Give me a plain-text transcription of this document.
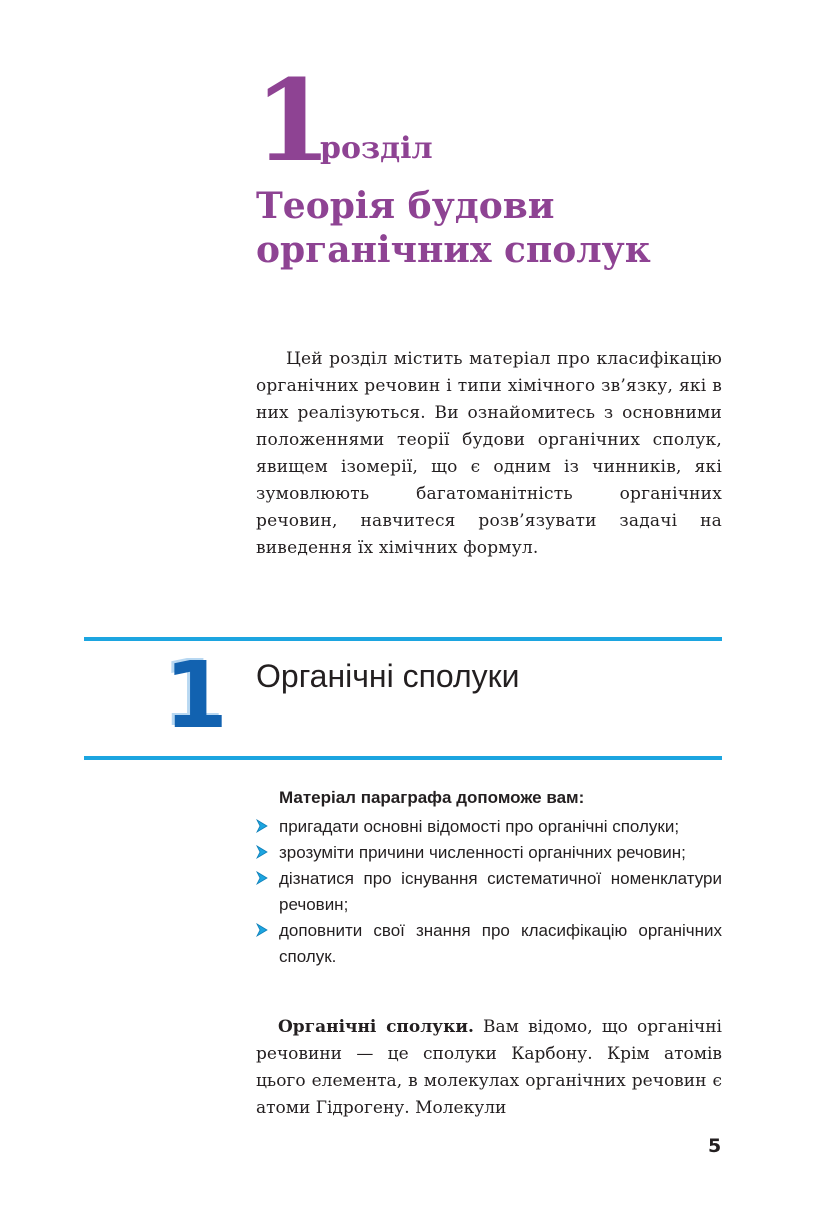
1
розділ
Теорія будови органічних сполук

Цей розділ містить матеріал про класифікацію органічних речовин і типи хімічного зв’язку, які в них реалізуються. Ви ознайомитесь з основними положеннями теорії будови органічних сполук, явищем ізомерії, що є одним із чинників, які зумовлюють багатоманітність органічних речовин, навчитеся розв’язувати задачі на виведення їх хімічних формул.

1 Органічні сполуки
Матеріал параграфа допоможе вам:
пригадати основні відомості про органічні сполуки;
зрозуміти причини численності органічних речовин;
дізнатися про існування систематичної номенклатури речовин;
доповнити свої знання про класифікацію органічних сполук.

Органічні сполуки. Вам відомо, що органічні речовини — це сполуки Карбону. Крім атомів цього елемента, в молекулах органічних речовин є атоми Гідрогену. Молекули

5
